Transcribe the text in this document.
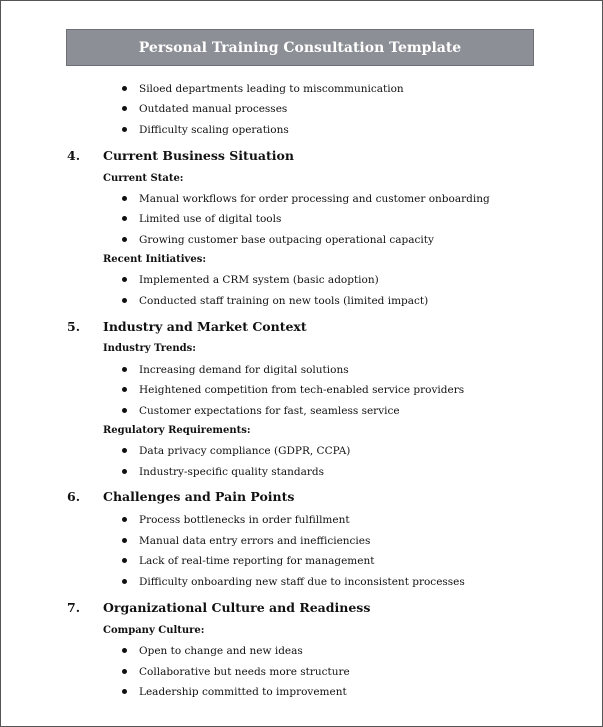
Personal Training Consultation Template
Siloed departments leading to miscommunication
Outdated manual processes
Difficulty scaling operations
4. Current Business Situation
Current State:
Manual workflows for order processing and customer onboarding
Limited use of digital tools
Growing customer base outpacing operational capacity
Recent Initiatives:
Implemented a CRM system (basic adoption)
Conducted staff training on new tools (limited impact)
5. Industry and Market Context
Industry Trends:
Increasing demand for digital solutions
Heightened competition from tech-enabled service providers
Customer expectations for fast, seamless service
Regulatory Requirements:
Data privacy compliance (GDPR, CCPA)
Industry-specific quality standards
6. Challenges and Pain Points
Process bottlenecks in order fulfillment
Manual data entry errors and inefficiencies
Lack of real-time reporting for management
Difficulty onboarding new staff due to inconsistent processes
7. Organizational Culture and Readiness
Company Culture:
Open to change and new ideas
Collaborative but needs more structure
Leadership committed to improvement
